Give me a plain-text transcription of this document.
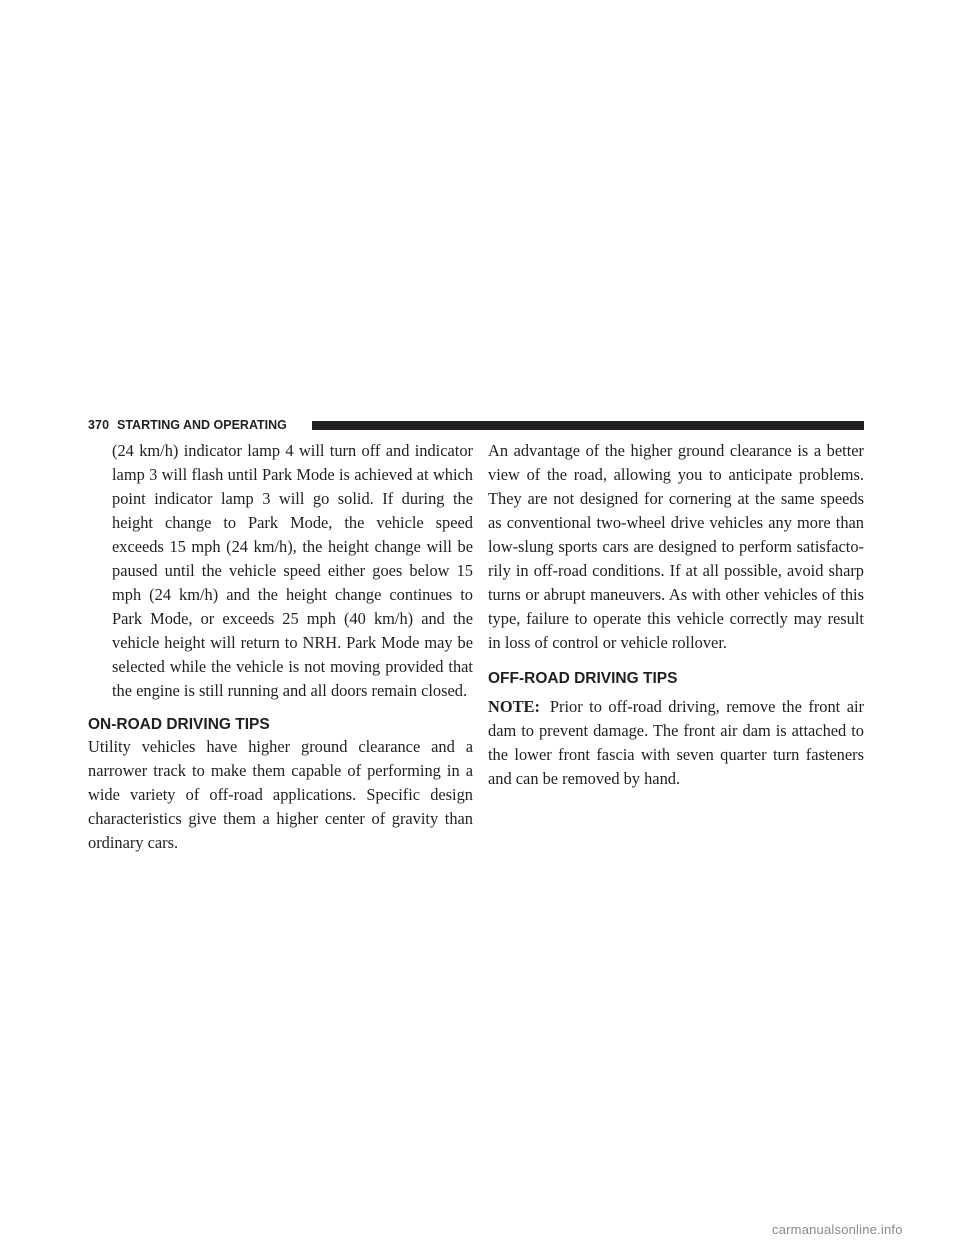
370 STARTING AND OPERATING

(24 km/h) indicator lamp 4 will turn off and indicator lamp 3 will flash until Park Mode is achieved at which point indicator lamp 3 will go solid. If during the height change to Park Mode, the vehicle speed exceeds 15 mph (24 km/h), the height change will be paused until the vehicle speed either goes below 15 mph (24 km/h) and the height change continues to Park Mode, or exceeds 25 mph (40 km/h) and the vehicle height will return to NRH. Park Mode may be selected while the vehicle is not moving provided that the engine is still running and all doors remain closed.

ON-ROAD DRIVING TIPS

Utility vehicles have higher ground clearance and a narrower track to make them capable of performing in a wide variety of off-road applications. Specific design characteristics give them a higher center of gravity than ordinary cars.

An advantage of the higher ground clearance is a better view of the road, allowing you to anticipate problems. They are not designed for cornering at the same speeds as conventional two-wheel drive vehicles any more than low-slung sports cars are designed to perform satisfacto-rily in off-road conditions. If at all possible, avoid sharp turns or abrupt maneuvers. As with other vehicles of this type, failure to operate this vehicle correctly may result in loss of control or vehicle rollover.

OFF-ROAD DRIVING TIPS

NOTE: Prior to off-road driving, remove the front air dam to prevent damage. The front air dam is attached to the lower front fascia with seven quarter turn fasteners and can be removed by hand.

carmanualsonline.info
